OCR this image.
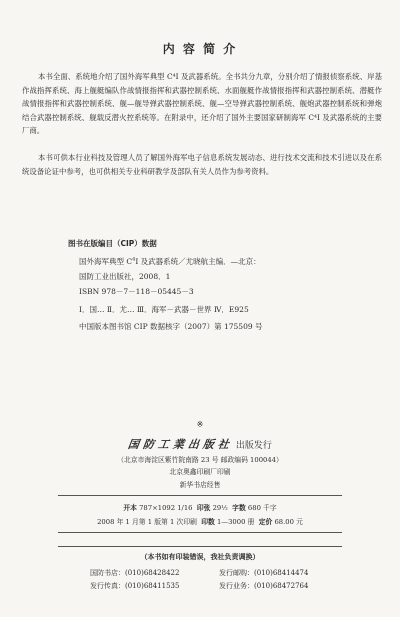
内 容 简 介

本书全面、系统地介绍了国外海军典型 C⁴I 及武器系统。全书共分九章，分别介绍了情报侦察系统、岸基作战指挥系统、海上舰艇编队作战情报指挥和武器控制系统、水面舰艇作战情报指挥和武器控制系统、潜艇作战情报指挥和武器控制系统、舰—舰导弹武器控制系统、舰—空导弹武器控制系统、舰炮武器控制系统和弹炮结合武器控制系统、舰载反潜火控系统等。在附录中，还介绍了国外主要国家研制海军 C⁴I 及武器系统的主要厂商。

本书可供本行业科技及管理人员了解国外海军电子信息系统发展动态、进行技术交流和技术引进以及在系统设备论证中参考，也可供相关专业科研教学及部队有关人员作为参考资料。

图书在版编目（CIP）数据
国外海军典型 $C^4I$ 及武器系统／尤晓航主编．—北京：
国防工业出版社，2008．1
ISBN 978－7－118－05445－3
Ⅰ．国… Ⅱ．尤… Ⅲ．海军－武器－世界 Ⅳ．E925
中国版本图书馆 CIP 数据核字（2007）第 175509 号
※
国防工業出版社 出版发行
（北京市海淀区紫竹院南路 23 号 邮政编码 100044）
北京奥鑫印刷厂印刷
新华书店经售
开本 787×1092 1/16 印张 29½ 字数 680 千字
2008 年 1 月第 1 版第 1 次印刷 印数 1—3000 册 定价 68.00 元
（本书如有印装错误，我社负责调换）
国防书店：(010)68428422	发行邮购：(010)68414474
发行传真：(010)68411535	发行业务：(010)68472764
